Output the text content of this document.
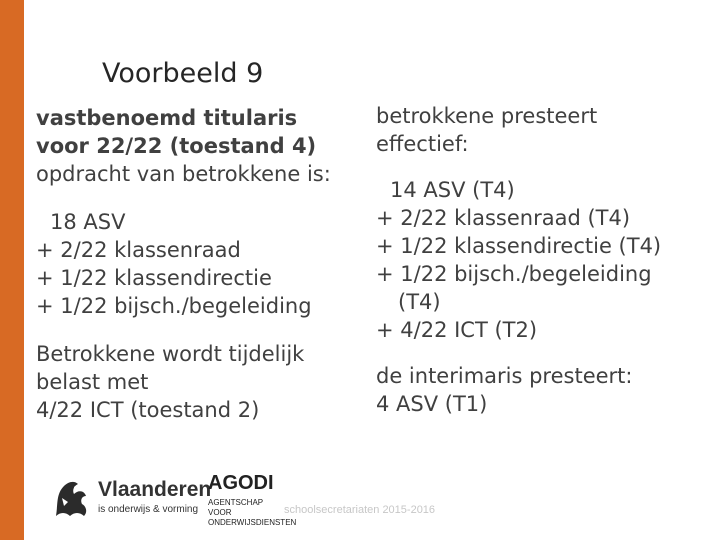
Voorbeeld 9
vastbenoemd titularis
voor 22/22 (toestand 4)
opdracht van betrokkene is:
18 ASV
+ 2/22 klassenraad
+ 1/22 klassendirectie
+ 1/22 bijsch./begeleiding
Betrokkene wordt tijdelijk
belast met
4/22 ICT (toestand 2)
betrokkene presteert
effectief:
14 ASV (T4)
+ 2/22 klassenraad (T4)
+ 1/22 klassendirectie (T4)
+ 1/22 bijsch./begeleiding
(T4)
+ 4/22 ICT (T2)
de interimaris presteert:
4 ASV (T1)
Vlaanderen
is onderwijs & vorming
AGODI
AGENTSCHAP VOOR ONDERWIJSDIENSTEN
schoolsecretariaten 2015-2016
